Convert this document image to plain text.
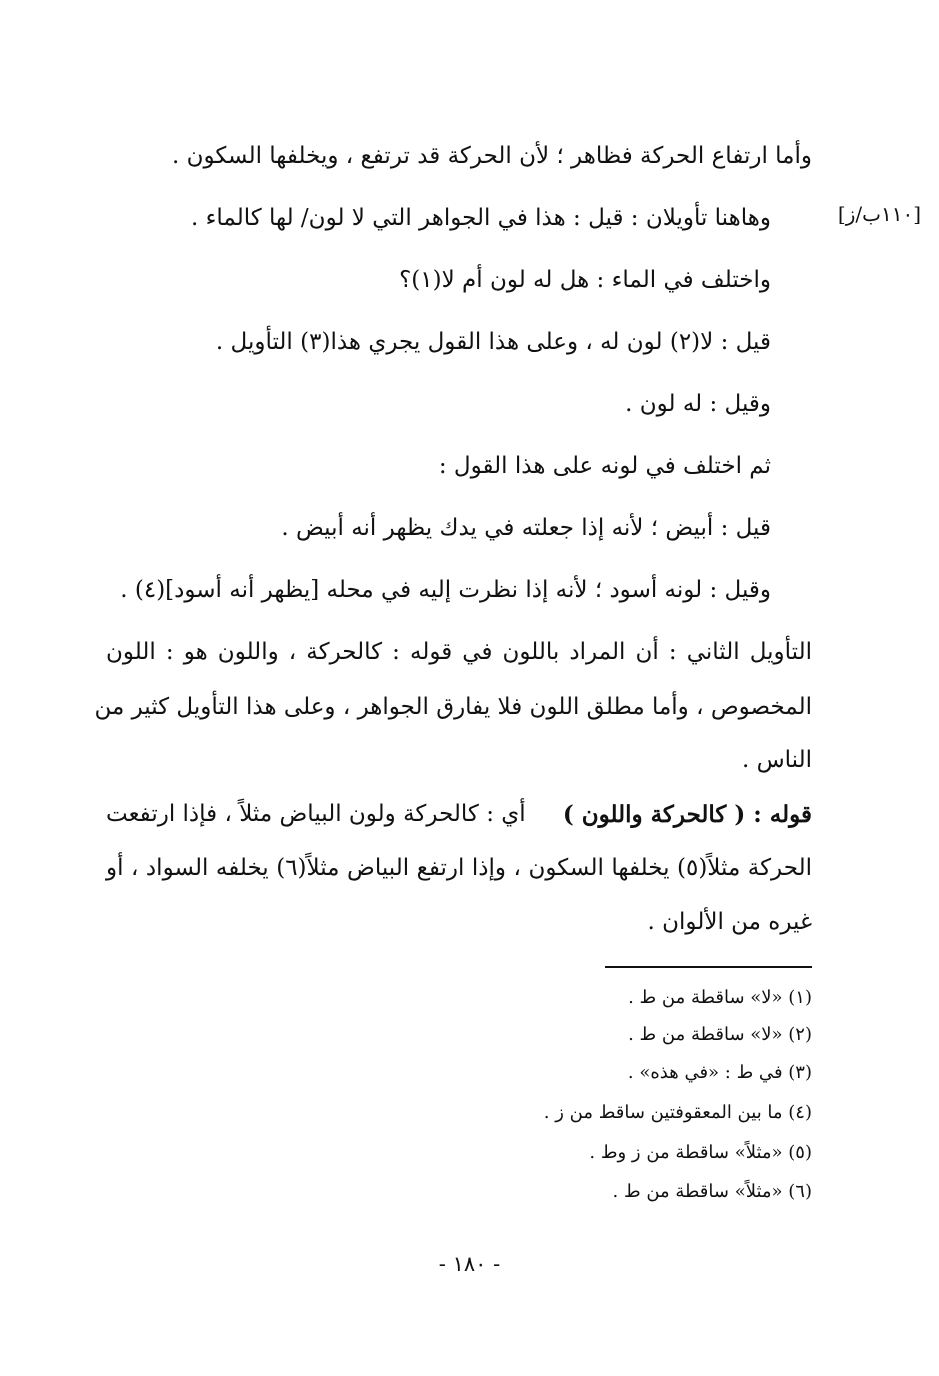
[١١٠ب/ز]
وأما ارتفاع الحركة فظاهر ؛ لأن الحركة قد ترتفع ، ويخلفها السكون .
وهاهنا تأويلان : قيل : هذا في الجواهر التي لا لون/ لها كالماء .
واختلف في الماء : هل له لون أم لا(١)؟
قيل : لا(٢) لون له ، وعلى هذا القول يجري هذا(٣) التأويل .
وقيل : له لون .
ثم اختلف في لونه على هذا القول :
قيل : أبيض ؛ لأنه إذا جعلته في يدك يظهر أنه أبيض .
وقيل : لونه أسود ؛ لأنه إذا نظرت إليه في محله [يظهر أنه أسود](٤) .
التأويل الثاني : أن المراد باللون في قوله : كالحركة ، واللون هو : اللون
المخصوص ، وأما مطلق اللون فلا يفارق الجواهر ، وعلى هذا التأويل كثير من
الناس .
قوله : ( كالحركة واللون )
أي : كالحركة ولون البياض مثلاً ، فإذا ارتفعت
الحركة مثلاً(٥) يخلفها السكون ، وإذا ارتفع البياض مثلاً(٦) يخلفه السواد ، أو
غيره من الألوان .
(١) «لا» ساقطة من ط .
(٢) «لا» ساقطة من ط .
(٣) في ط : «في هذه» .
(٤) ما بين المعقوفتين ساقط من ز .
(٥) «مثلاً» ساقطة من ز وط .
(٦) «مثلاً» ساقطة من ط .
- ١٨٠ -
